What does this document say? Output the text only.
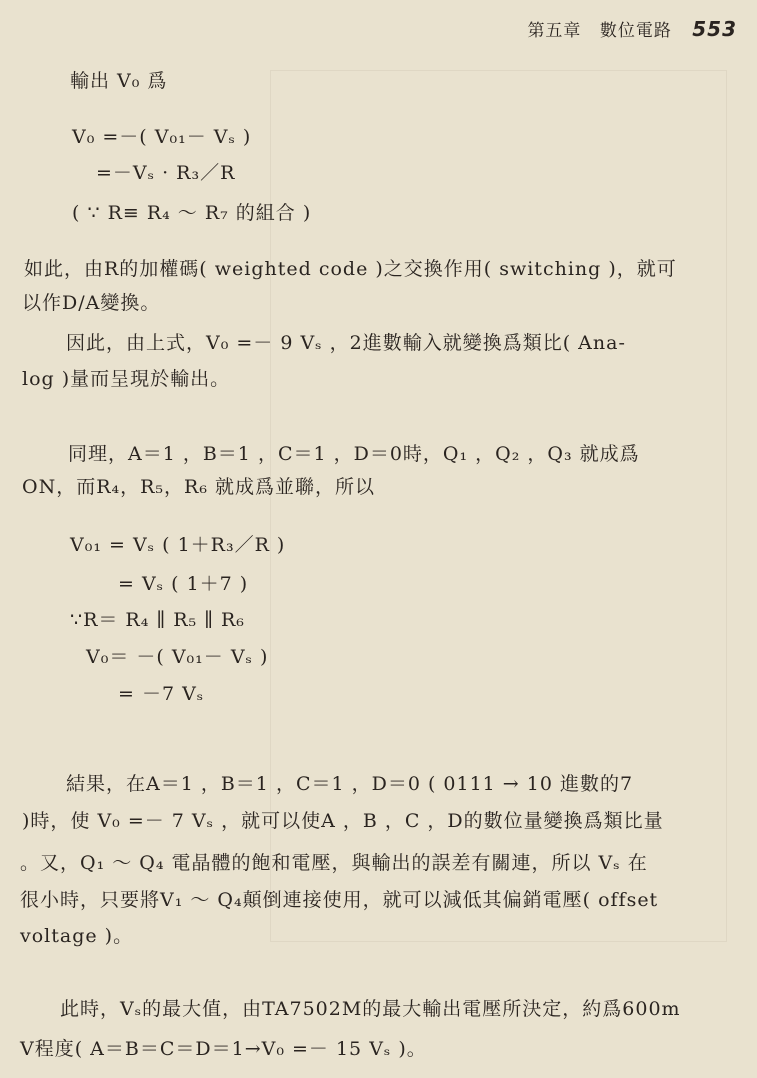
第五章 數位電路 553
輸出 V₀ 爲
V₀ =－( V₀₁－ Vₛ )
=－Vₛ · R₃／R
( ∵ R≡ R₄ ～ R₇ 的組合 )
如此，由R的加權碼( weighted code )之交換作用( switching )，就可
以作D/A變換。
因此，由上式，V₀ =－ 9 Vₛ ，2進數輸入就變換爲類比( Ana-
log )量而呈現於輸出。
同理，A＝1 ，B＝1 ，C＝1 ，D＝0時，Q₁ ，Q₂ ，Q₃ 就成爲
ON，而R₄，R₅，R₆ 就成爲並聯，所以
V₀₁ = Vₛ ( 1＋R₃／R )
= Vₛ ( 1＋7 )
∵R＝ R₄ ∥ R₅ ∥ R₆
V₀＝ －( V₀₁－ Vₛ )
= －7 Vₛ
結果，在A＝1 ，B＝1 ，C＝1 ，D＝0 ( 0111 → 10 進數的7
)時，使 V₀ =－ 7 Vₛ ，就可以使A ，B ，C ，D的數位量變換爲類比量
。又，Q₁ ～ Q₄ 電晶體的飽和電壓，與輸出的誤差有關連，所以 Vₛ 在
很小時，只要將V₁ ～ Q₄顛倒連接使用，就可以減低其偏銷電壓( offset
voltage )。
此時，Vₛ的最大值，由TA7502M的最大輸出電壓所決定，約爲600m
V程度( A＝B＝C＝D＝1→V₀ =－ 15 Vₛ )。
